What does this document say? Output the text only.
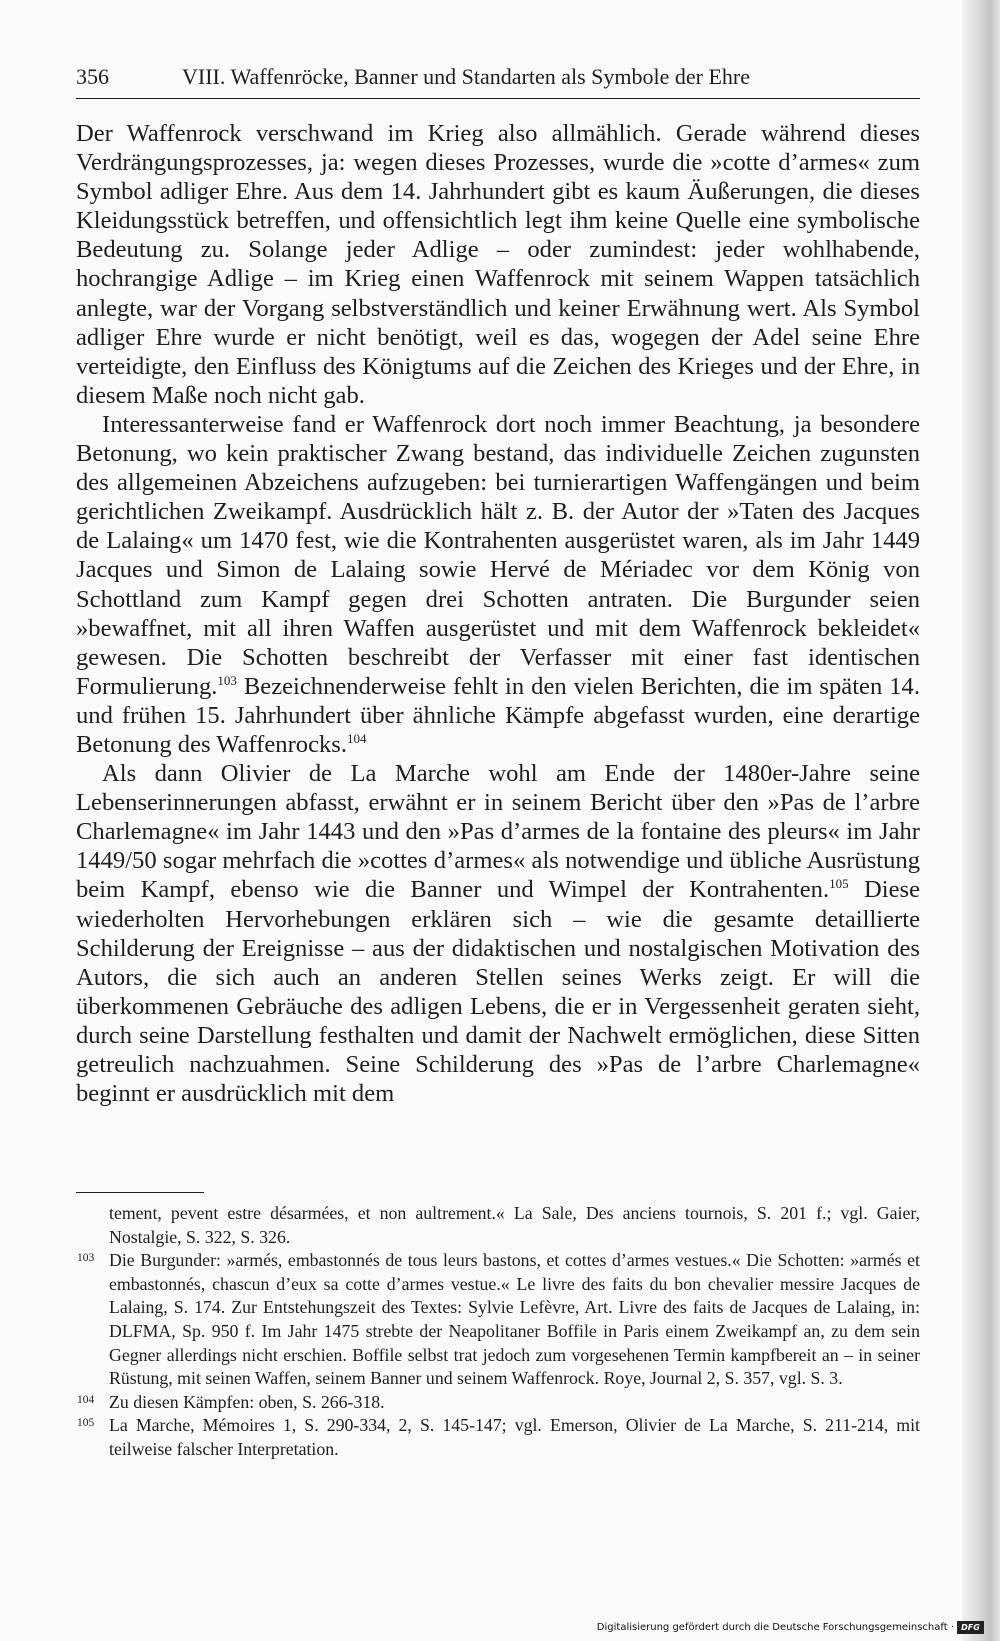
356	VIII. Waffenröcke, Banner und Standarten als Symbole der Ehre

Der Waffenrock verschwand im Krieg also allmählich. Gerade während dieses Verdrängungsprozesses, ja: wegen dieses Prozesses, wurde die »cotte d’armes« zum Symbol adliger Ehre. Aus dem 14. Jahrhundert gibt es kaum Äußerungen, die dieses Kleidungsstück betreffen, und offensichtlich legt ihm keine Quelle eine symbolische Bedeutung zu. Solange jeder Adlige – oder zumindest: jeder wohlhabende, hochrangige Adlige – im Krieg einen Waffenrock mit seinem Wappen tatsächlich anlegte, war der Vorgang selbstverständlich und keiner Erwähnung wert. Als Symbol adliger Ehre wurde er nicht benötigt, weil es das, wogegen der Adel seine Ehre verteidigte, den Einfluss des Königtums auf die Zeichen des Krieges und der Ehre, in diesem Maße noch nicht gab.

Interessanterweise fand er Waffenrock dort noch immer Beachtung, ja besondere Betonung, wo kein praktischer Zwang bestand, das individuelle Zeichen zugunsten des allgemeinen Abzeichens aufzugeben: bei turnierartigen Waffengängen und beim gerichtlichen Zweikampf. Ausdrücklich hält z. B. der Autor der »Taten des Jacques de Lalaing« um 1470 fest, wie die Kontrahenten ausgerüstet waren, als im Jahr 1449 Jacques und Simon de Lalaing sowie Hervé de Mériadec vor dem König von Schottland zum Kampf gegen drei Schotten antraten. Die Burgunder seien »bewaffnet, mit all ihren Waffen ausgerüstet und mit dem Waffenrock bekleidet« gewesen. Die Schotten beschreibt der Verfasser mit einer fast identischen Formulierung.$^{103}$ Bezeichnenderweise fehlt in den vielen Berichten, die im späten 14. und frühen 15. Jahrhundert über ähnliche Kämpfe abgefasst wurden, eine derartige Betonung des Waffenrocks.$^{104}$

Als dann Olivier de La Marche wohl am Ende der 1480er-Jahre seine Lebenserinnerungen abfasst, erwähnt er in seinem Bericht über den »Pas de l’arbre Charlemagne« im Jahr 1443 und den »Pas d’armes de la fontaine des pleurs« im Jahr 1449/50 sogar mehrfach die »cottes d’armes« als notwendige und übliche Ausrüstung beim Kampf, ebenso wie die Banner und Wimpel der Kontrahenten.$^{105}$ Diese wiederholten Hervorhebungen erklären sich – wie die gesamte detaillierte Schilderung der Ereignisse – aus der didaktischen und nostalgischen Motivation des Autors, die sich auch an anderen Stellen seines Werks zeigt. Er will die überkommenen Gebräuche des adligen Lebens, die er in Vergessenheit geraten sieht, durch seine Darstellung festhalten und damit der Nachwelt ermöglichen, diese Sitten getreulich nachzuahmen. Seine Schilderung des »Pas de l’arbre Charlemagne« beginnt er ausdrücklich mit dem

tement, pevent estre désarmées, et non aultrement.« La Sale, Des anciens tournois, S. 201 f.; vgl. Gaier, Nostalgie, S. 322, S. 326.
103 Die Burgunder: »armés, embastonnés de tous leurs bastons, et cottes d’armes vestues.« Die Schotten: »armés et embastonnés, chascun d’eux sa cotte d’armes vestue.« Le livre des faits du bon chevalier messire Jacques de Lalaing, S. 174. Zur Entstehungszeit des Textes: Sylvie Lefèvre, Art. Livre des faits de Jacques de Lalaing, in: DLFMA, Sp. 950 f. Im Jahr 1475 strebte der Neapolitaner Boffile in Paris einem Zweikampf an, zu dem sein Gegner allerdings nicht erschien. Boffile selbst trat jedoch zum vorgesehenen Termin kampfbereit an – in seiner Rüstung, mit seinen Waffen, seinem Banner und seinem Waffenrock. Roye, Journal 2, S. 357, vgl. S. 3.
104 Zu diesen Kämpfen: oben, S. 266-318.
105 La Marche, Mémoires 1, S. 290-334, 2, S. 145-147; vgl. Emerson, Olivier de La Marche, S. 211-214, mit teilweise falscher Interpretation.
Digitalisierung gefördert durch die Deutsche Forschungsgemeinschaft · DFG
